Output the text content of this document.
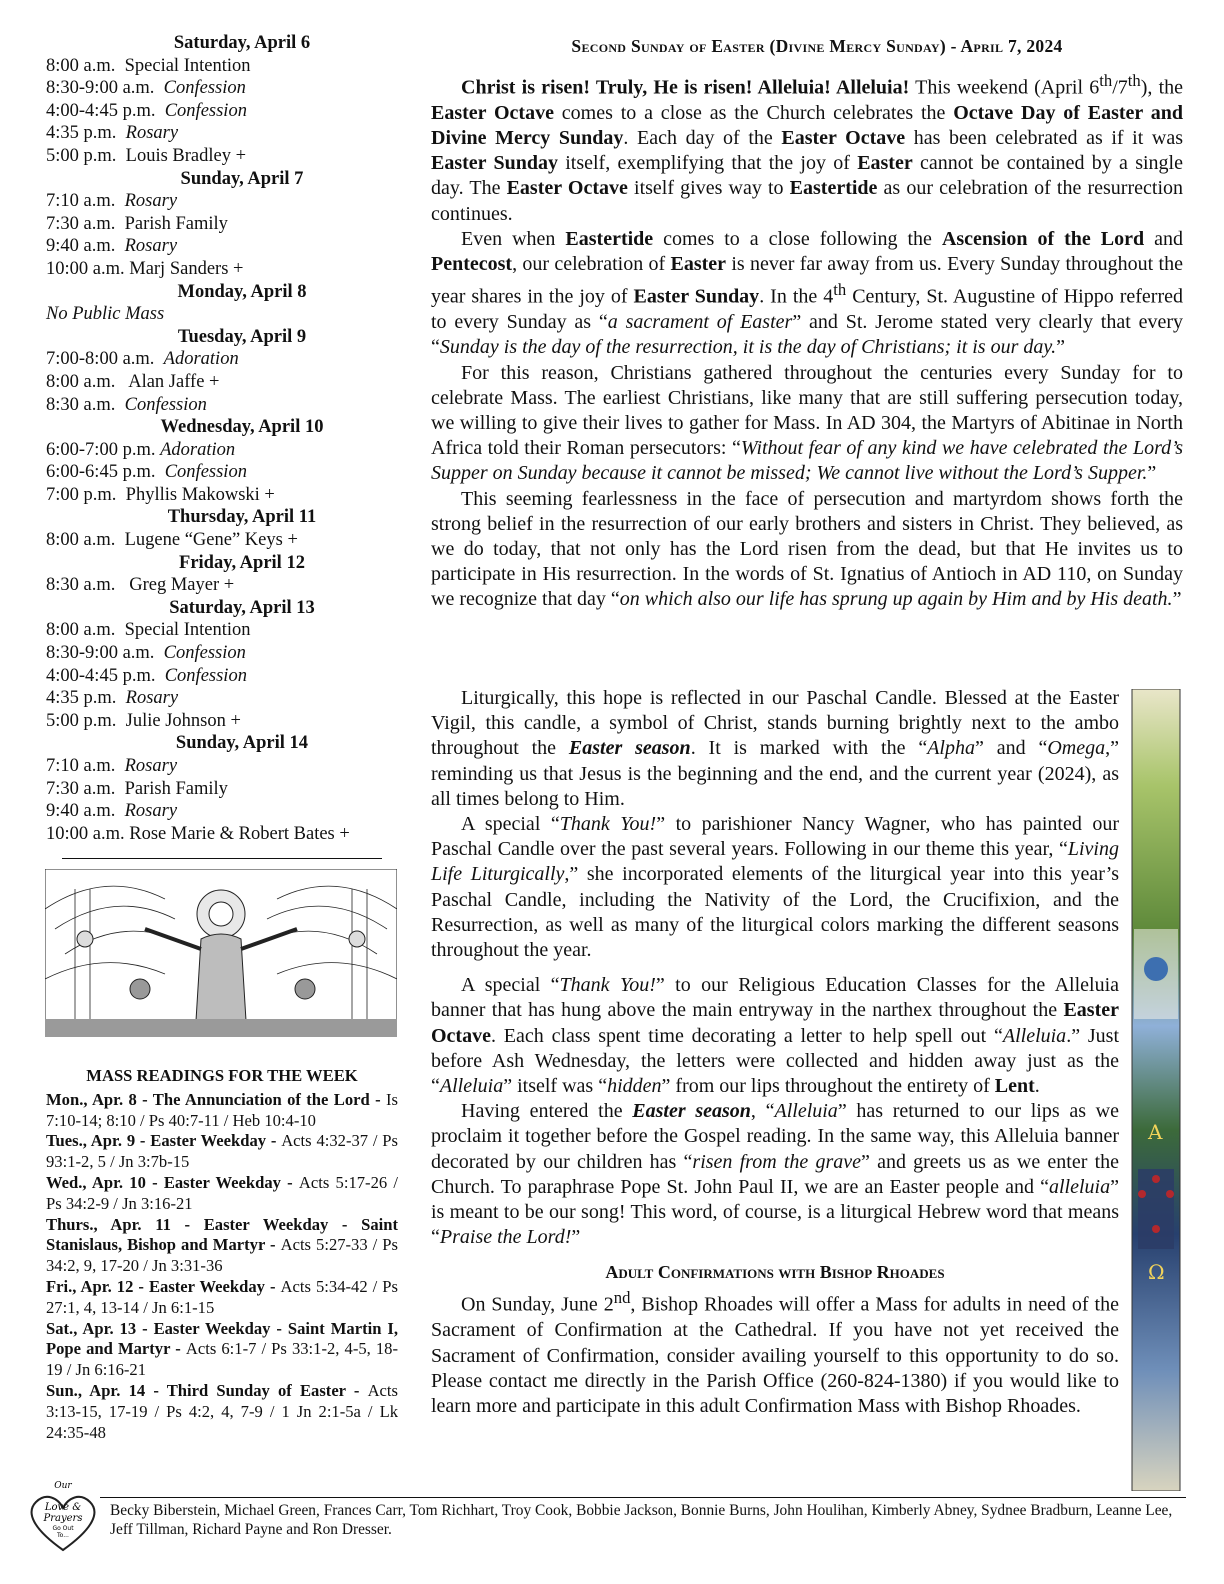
Saturday, April 6
8:00 a.m.  Special Intention
8:30-9:00 a.m.  Confession
4:00-4:45 p.m.  Confession
4:35 p.m.  Rosary
5:00 p.m.  Louis Bradley +
Sunday, April 7
7:10 a.m.  Rosary
7:30 a.m.  Parish Family
9:40 a.m.  Rosary
10:00 a.m. Marj Sanders +
Monday, April 8
No Public Mass
Tuesday, April 9
7:00-8:00 a.m.  Adoration
8:00 a.m.   Alan Jaffe +
8:30 a.m.  Confession
Wednesday, April 10
6:00-7:00 p.m. Adoration
6:00-6:45 p.m.  Confession
7:00 p.m.  Phyllis Makowski +
Thursday, April 11
8:00 a.m.  Lugene “Gene” Keys +
Friday, April 12
8:30 a.m.   Greg Mayer +
Saturday, April 13
8:00 a.m.  Special Intention
8:30-9:00 a.m.  Confession
4:00-4:45 p.m.  Confession
4:35 p.m.  Rosary
5:00 p.m.  Julie Johnson +
Sunday, April 14
7:10 a.m.  Rosary
7:30 a.m.  Parish Family
9:40 a.m.  Rosary
10:00 a.m. Rose Marie & Robert Bates +
MASS READINGS FOR THE WEEK
Mon., Apr. 8 - The Annunciation of the Lord - Is 7:10-14; 8:10 / Ps 40:7-11 / Heb 10:4-10
Tues., Apr. 9 - Easter Weekday - Acts 4:32-37 / Ps 93:1-2, 5 / Jn 3:7b-15
Wed., Apr. 10 - Easter Weekday - Acts 5:17-26 / Ps 34:2-9 / Jn 3:16-21
Thurs., Apr. 11 - Easter Weekday - Saint Stanislaus, Bishop and Martyr - Acts 5:27-33 / Ps 34:2, 9, 17-20 / Jn 3:31-36
Fri., Apr. 12 - Easter Weekday - Acts 5:34-42 / Ps 27:1, 4, 13-14 / Jn 6:1-15
Sat., Apr. 13 - Easter Weekday - Saint Martin I, Pope and Martyr - Acts 6:1-7 / Ps 33:1-2, 4-5, 18-19 / Jn 6:16-21
Sun., Apr. 14 - Third Sunday of Easter - Acts 3:13-15, 17-19 / Ps 4:2, 4, 7-9 / 1 Jn 2:1-5a / Lk 24:35-48
Second Sunday of Easter (Divine Mercy Sunday) - April 7, 2024

Christ is risen! Truly, He is risen! Alleluia! Alleluia! This weekend (April 6th/7th), the Easter Octave comes to a close as the Church celebrates the Octave Day of Easter and Divine Mercy Sunday. Each day of the Easter Octave has been celebrated as if it was Easter Sunday itself, exemplifying that the joy of Easter cannot be contained by a single day. The Easter Octave itself gives way to Eastertide as our celebration of the resurrection continues.

Even when Eastertide comes to a close following the Ascension of the Lord and Pentecost, our celebration of Easter is never far away from us. Every Sunday throughout the year shares in the joy of Easter Sunday. In the 4th Century, St. Augustine of Hippo referred to every Sunday as “a sacrament of Easter” and St. Jerome stated very clearly that every “Sunday is the day of the resurrection, it is the day of Christians; it is our day.”

For this reason, Christians gathered throughout the centuries every Sunday for to celebrate Mass. The earliest Christians, like many that are still suffering persecution today, we willing to give their lives to gather for Mass. In AD 304, the Martyrs of Abitinae in North Africa told their Roman persecutors: “Without fear of any kind we have celebrated the Lord’s Supper on Sunday because it cannot be missed; We cannot live without the Lord’s Supper.”

This seeming fearlessness in the face of persecution and martyrdom shows forth the strong belief in the resurrection of our early brothers and sisters in Christ. They believed, as we do today, that not only has the Lord risen from the dead, but that He invites us to participate in His resurrection. In the words of St. Ignatius of Antioch in AD 110, on Sunday we recognize that day “on which also our life has sprung up again by Him and by His death.”

Liturgically, this hope is reflected in our Paschal Candle. Blessed at the Easter Vigil, this candle, a symbol of Christ, stands burning brightly next to the ambo throughout the Easter season. It is marked with the “Alpha” and “Omega,” reminding us that Jesus is the beginning and the end, and the current year (2024), as all times belong to Him.

A special “Thank You!” to parishioner Nancy Wagner, who has painted our Paschal Candle over the past several years. Following in our theme this year, “Living Life Liturgically,” she incorporated elements of the liturgical year into this year’s Paschal Candle, including the Nativity of the Lord, the Crucifixion, and the Resurrection, as well as many of the liturgical colors marking the different seasons throughout the year.

A special “Thank You!” to our Religious Education Classes for the Alleluia banner that has hung above the main entryway in the narthex throughout the Easter Octave. Each class spent time decorating a letter to help spell out “Alleluia.” Just before Ash Wednesday, the letters were collected and hidden away just as the “Alleluia” itself was “hidden” from our lips throughout the entirety of Lent.

Having entered the Easter season, “Alleluia” has returned to our lips as we proclaim it together before the Gospel reading. In the same way, this Alleluia banner decorated by our children has “risen from the grave” and greets us as we enter the Church. To paraphrase Pope St. John Paul II, we are an Easter people and “alleluia” is meant to be our song! This word, of course, is a liturgical Hebrew word that means “Praise the Lord!”

Adult Confirmations with Bishop Rhoades

On Sunday, June 2nd, Bishop Rhoades will offer a Mass for adults in need of the Sacrament of Confirmation at the Cathedral. If you have not yet received the Sacrament of Confirmation, consider availing yourself to this opportunity to do so. Please contact me directly in the Parish Office (260-824-1380) if you would like to learn more and participate in this adult Confirmation Mass with Bishop Rhoades.

A
Ω
Our
Love &
Prayers
Go Out
To...
Becky Biberstein, Michael Green, Frances Carr, Tom Richhart, Troy Cook, Bobbie Jackson, Bonnie Burns, John Houlihan, Kimberly Abney, Sydnee Bradburn, Leanne Lee, Jeff Tillman, Richard Payne and Ron Dresser.
